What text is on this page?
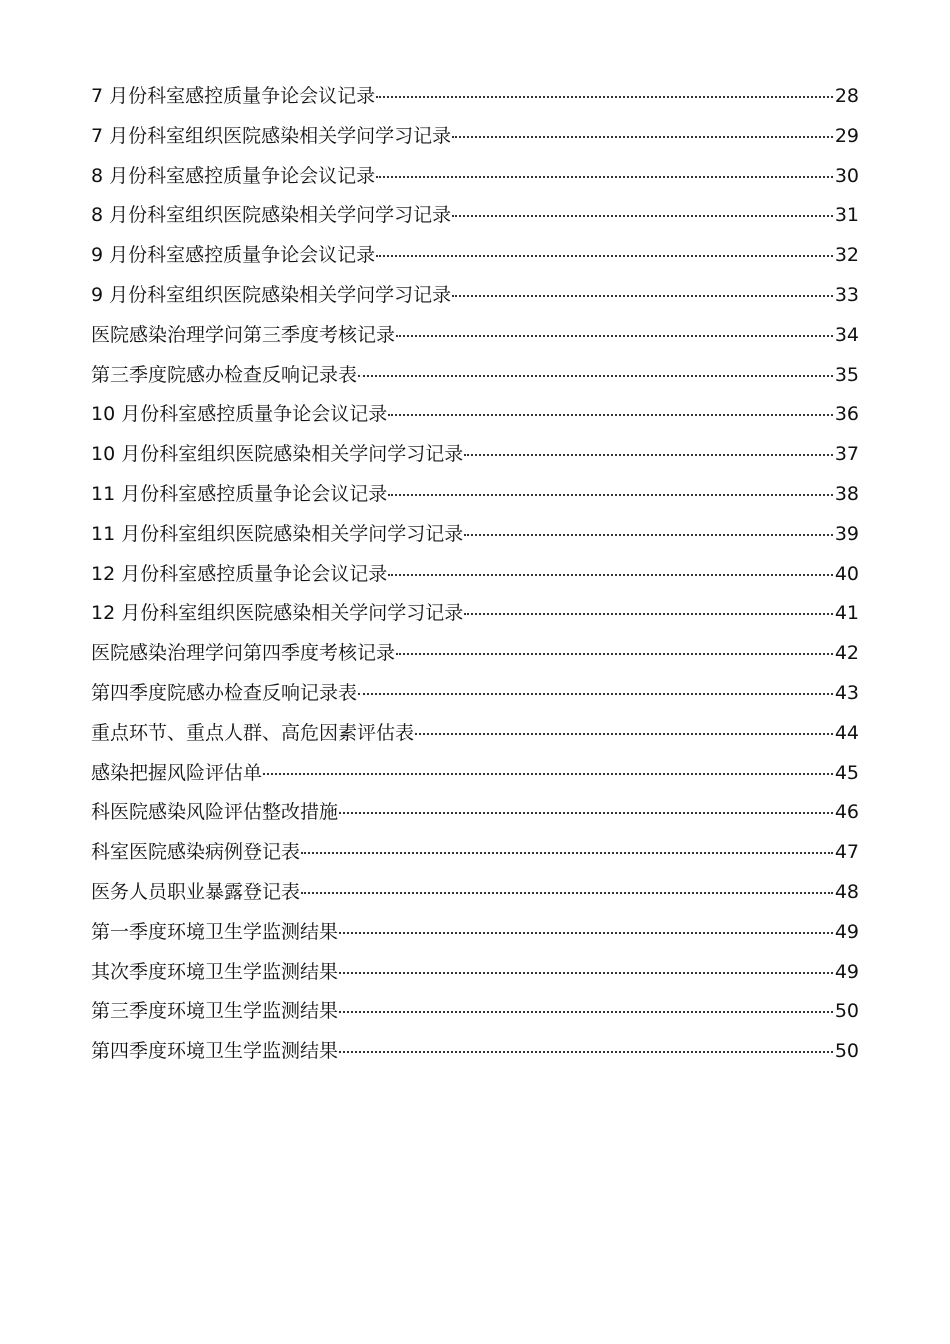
7 月份科室感控质量争论会议记录	28
7 月份科室组织医院感染相关学问学习记录	29
8 月份科室感控质量争论会议记录	30
8 月份科室组织医院感染相关学问学习记录	31
9 月份科室感控质量争论会议记录	32
9 月份科室组织医院感染相关学问学习记录	33
医院感染治理学问第三季度考核记录	34
第三季度院感办检查反响记录表	35
10 月份科室感控质量争论会议记录	36
10 月份科室组织医院感染相关学问学习记录	37
11 月份科室感控质量争论会议记录	38
11 月份科室组织医院感染相关学问学习记录	39
12 月份科室感控质量争论会议记录	40
12 月份科室组织医院感染相关学问学习记录	41
医院感染治理学问第四季度考核记录	42
第四季度院感办检查反响记录表	43
重点环节、重点人群、高危因素评估表	44
感染把握风险评估单	45
科医院感染风险评估整改措施	46
科室医院感染病例登记表	47
医务人员职业暴露登记表	48
第一季度环境卫生学监测结果	49
其次季度环境卫生学监测结果	49
第三季度环境卫生学监测结果	50
第四季度环境卫生学监测结果	50
